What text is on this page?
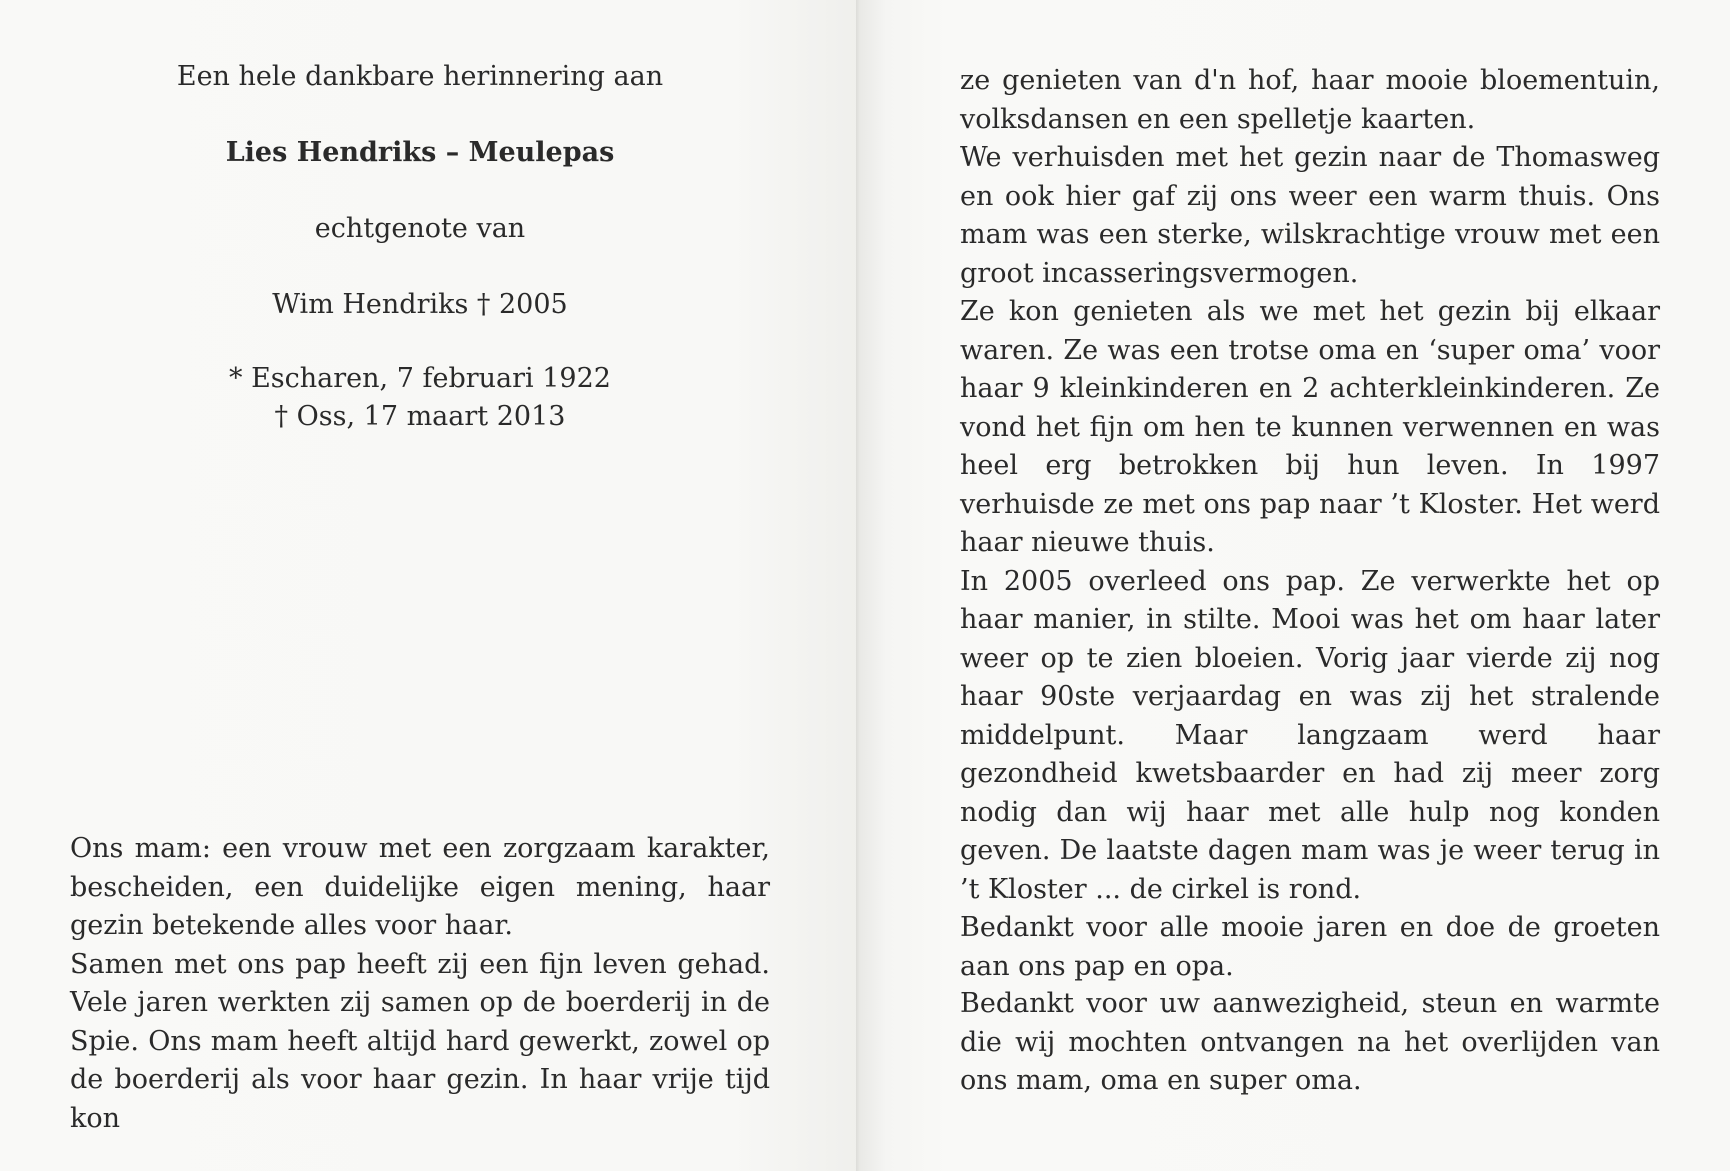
Een hele dankbare herinnering aan
Lies Hendriks – Meulepas
echtgenote van
Wim Hendriks † 2005
* Escharen, 7 februari 1922
† Oss, 17 maart 2013

Ons mam: een vrouw met een zorgzaam karakter, bescheiden, een duidelijke eigen mening, haar gezin betekende alles voor haar.
Samen met ons pap heeft zij een fijn leven gehad. Vele jaren werkten zij samen op de boerderij in de Spie. Ons mam heeft altijd hard gewerkt, zowel op de boerderij als voor haar gezin. In haar vrije tijd kon

ze genieten van d'n hof, haar mooie bloementuin, volksdansen en een spelletje kaarten.
We verhuisden met het gezin naar de Thomasweg en ook hier gaf zij ons weer een warm thuis. Ons mam was een sterke, wilskrachtige vrouw met een groot incasseringsvermogen.
Ze kon genieten als we met het gezin bij elkaar waren. Ze was een trotse oma en ‘super oma’ voor haar 9 kleinkinderen en 2 achterkleinkinderen. Ze vond het fijn om hen te kunnen verwennen en was heel erg betrokken bij hun leven. In 1997 verhuisde ze met ons pap naar ’t Kloster. Het werd haar nieuwe thuis.
In 2005 overleed ons pap. Ze verwerkte het op haar manier, in stilte. Mooi was het om haar later weer op te zien bloeien. Vorig jaar vierde zij nog haar 90ste verjaardag en was zij het stralende middelpunt. Maar langzaam werd haar gezondheid kwetsbaarder en had zij meer zorg nodig dan wij haar met alle hulp nog konden geven. De laatste dagen mam was je weer terug in ’t Kloster ... de cirkel is rond.
Bedankt voor alle mooie jaren en doe de groeten aan ons pap en opa.

Bedankt voor uw aanwezigheid, steun en warmte die wij mochten ontvangen na het overlijden van ons mam, oma en super oma.
